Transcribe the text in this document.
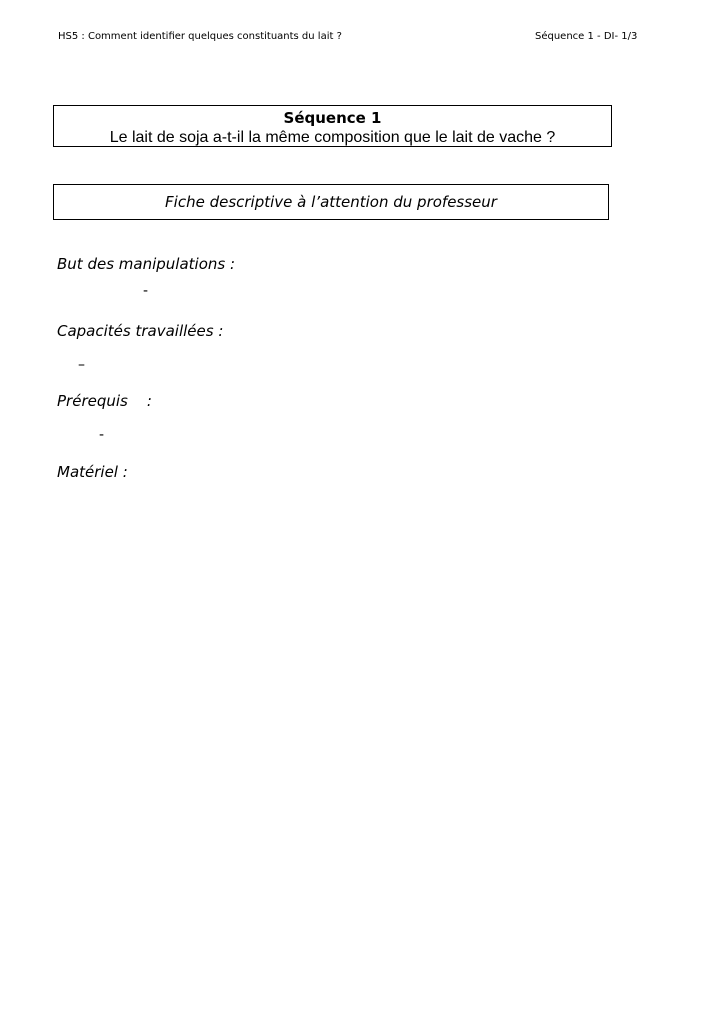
HS5 : Comment identifier quelques constituants du lait ?	Séquence 1 - DI- 1/3
Séquence 1
Le lait de soja a-t-il la même composition que le lait de vache ?
Fiche descriptive à l’attention du professeur
But des manipulations :
-
Capacités travaillées :
–
Prérequis    :
-
Matériel :
